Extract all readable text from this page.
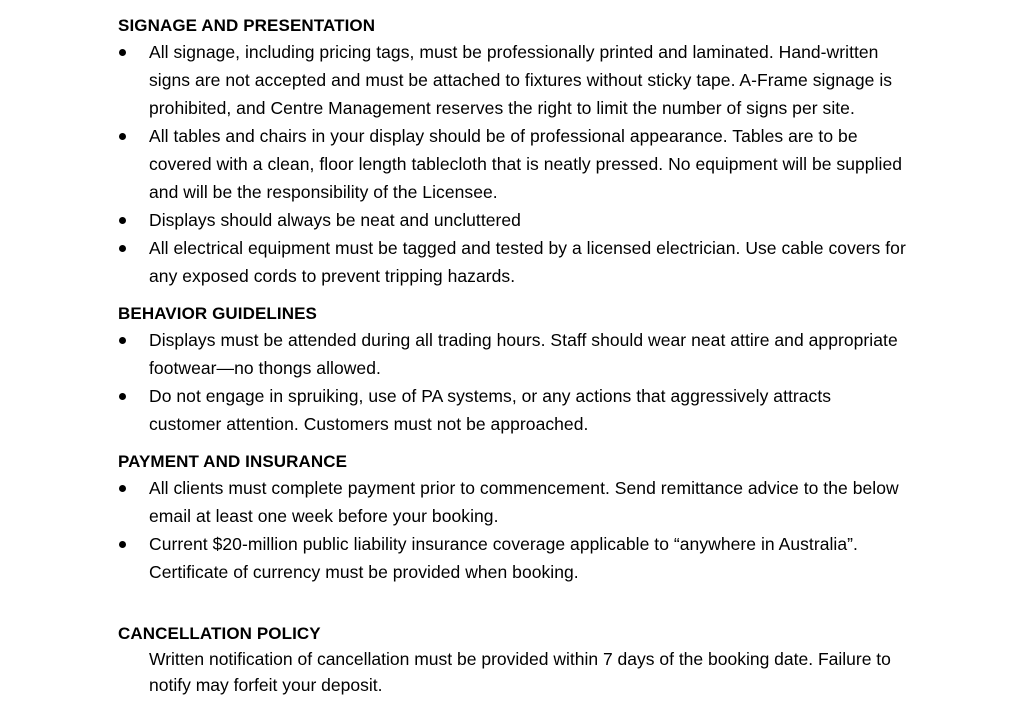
SIGNAGE AND PRESENTATION
All signage, including pricing tags, must be professionally printed and laminated. Hand-written signs are not accepted and must be attached to fixtures without sticky tape. A-Frame signage is prohibited, and Centre Management reserves the right to limit the number of signs per site.
All tables and chairs in your display should be of professional appearance. Tables are to be covered with a clean, floor length tablecloth that is neatly pressed. No equipment will be supplied and will be the responsibility of the Licensee.
Displays should always be neat and uncluttered
All electrical equipment must be tagged and tested by a licensed electrician. Use cable covers for any exposed cords to prevent tripping hazards.
BEHAVIOR GUIDELINES
Displays must be attended during all trading hours. Staff should wear neat attire and appropriate footwear—no thongs allowed.
Do not engage in spruiking, use of PA systems, or any actions that aggressively attracts customer attention. Customers must not be approached.
PAYMENT AND INSURANCE
All clients must complete payment prior to commencement. Send remittance advice to the below email at least one week before your booking.
Current $20-million public liability insurance coverage applicable to “anywhere in Australia”. Certificate of currency must be provided when booking.
CANCELLATION POLICY

Written notification of cancellation must be provided within 7 days of the booking date. Failure to notify may forfeit your deposit.
